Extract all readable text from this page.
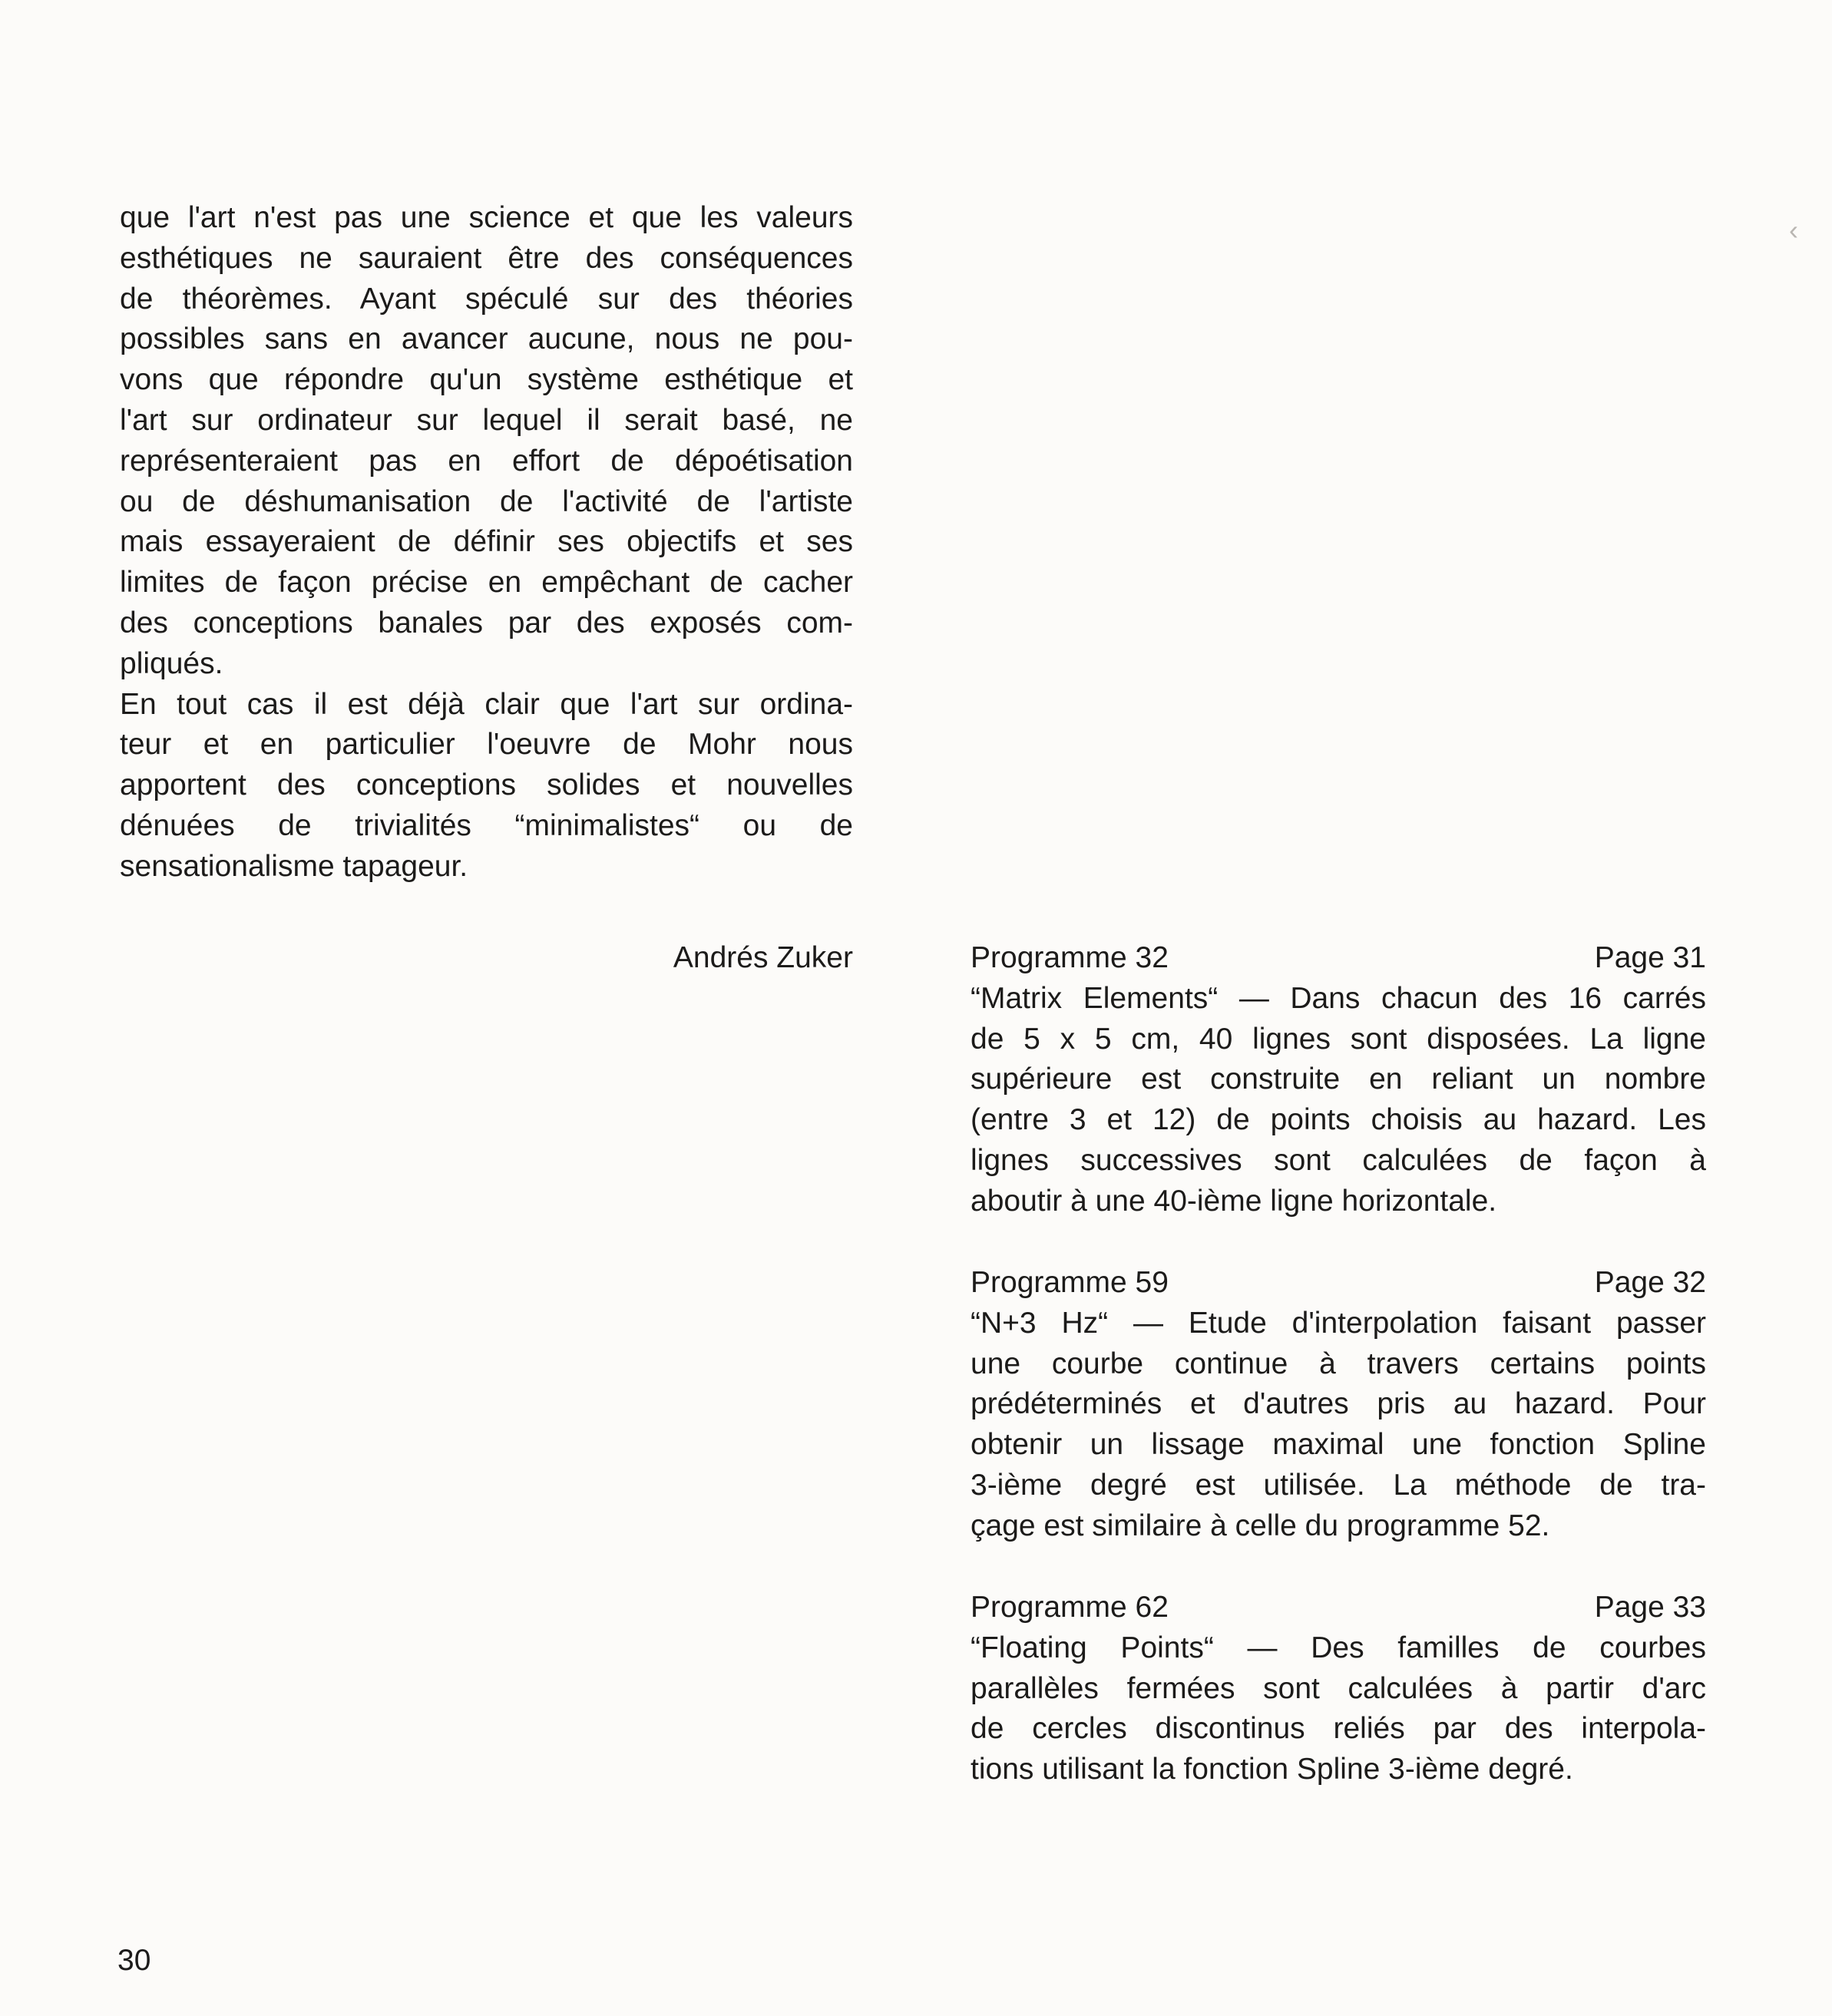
que l'art n'est pas une science et que les valeurs
esthétiques ne sauraient être des conséquences
de théorèmes. Ayant spéculé sur des théories
possibles sans en avancer aucune, nous ne pou-
vons que répondre qu'un système esthétique et
l'art sur ordinateur sur lequel il serait basé, ne
représenteraient pas en effort de dépoétisation
ou de déshumanisation de l'activité de l'artiste
mais essayeraient de définir ses objectifs et ses
limites de façon précise en empêchant de cacher
des conceptions banales par des exposés com-
pliqués.
En tout cas il est déjà clair que l'art sur ordina-
teur et en particulier l'oeuvre de Mohr nous
apportent des conceptions solides et nouvelles
dénuées de trivialités “minimalistes“ ou de
sensationalisme tapageur.
Andrés Zuker	Programme 32	Page 31
“Matrix Elements“ — Dans chacun des 16 carrés
de 5 x 5 cm, 40 lignes sont disposées. La ligne
supérieure est construite en reliant un nombre
(entre 3 et 12) de points choisis au hazard. Les
lignes successives sont calculées de façon à
aboutir à une 40-ième ligne horizontale.
Programme 59	Page 32
“N+3 Hz“ — Etude d'interpolation faisant passer
une courbe continue à travers certains points
prédéterminés et d'autres pris au hazard. Pour
obtenir un lissage maximal une fonction Spline
3-ième degré est utilisée. La méthode de tra-
çage est similaire à celle du programme 52.
Programme 62	Page 33
“Floating Points“ — Des familles de courbes
parallèles fermées sont calculées à partir d'arc
de cercles discontinus reliés par des interpola-
tions utilisant la fonction Spline 3-ième degré.
30
‹
